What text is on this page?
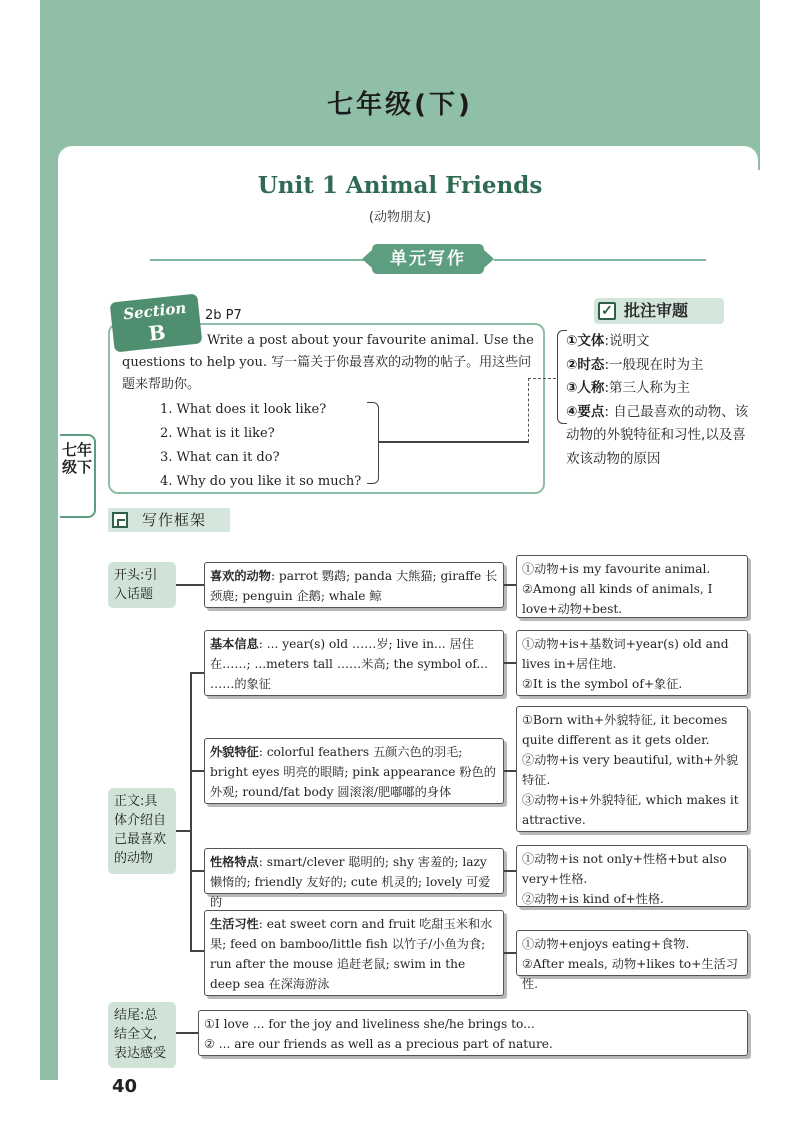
七年级(下)
Unit 1 Animal Friends
(动物朋友)
单元写作
Section
B
2b P7
Write a post about your favourite animal. Use the questions to help you. 写一篇关于你最喜欢的动物的帖子。用这些问题来帮助你。
1. What does it look like?
2. What is it like?
3. What can it do?
4. Why do you like it so much?
批注审题
✓
①文体:说明文
②时态:一般现在时为主
③人称:第三人称为主
④要点: 自己最喜欢的动物、该动物的外貌特征和习性,以及喜欢该动物的原因
七年级下
写作框架
开头:引入话题
喜欢的动物: parrot 鹦鹉; panda 大熊猫; giraffe 长颈鹿; penguin 企鹅; whale 鲸
①动物+is my favourite animal.
②Among all kinds of animals, I love+动物+best.
正文:具体介绍自己最喜欢的动物
基本信息: ... year(s) old ……岁; live in... 居住在……; ...meters tall ……米高; the symbol of... ……的象征
①动物+is+基数词+year(s) old and lives in+居住地.
②It is the symbol of+象征.
外貌特征: colorful feathers 五颜六色的羽毛; bright eyes 明亮的眼睛; pink appearance 粉色的外观; round/fat body 圆滚滚/肥嘟嘟的身体
①Born with+外貌特征, it becomes quite different as it gets older.
②动物+is very beautiful, with+外貌特征.
③动物+is+外貌特征, which makes it attractive.
性格特点: smart/clever 聪明的; shy 害羞的; lazy 懒惰的; friendly 友好的; cute 机灵的; lovely 可爱的
①动物+is not only+性格+but also very+性格.
②动物+is kind of+性格.
生活习性: eat sweet corn and fruit 吃甜玉米和水果; feed on bamboo/little fish 以竹子/小鱼为食; run after the mouse 追赶老鼠; swim in the deep sea 在深海游泳
①动物+enjoys eating+食物.
②After meals, 动物+likes to+生活习性.
结尾:总结全文,表达感受
①I love ... for the joy and liveliness she/he brings to...
② ... are our friends as well as a precious part of nature.
40
